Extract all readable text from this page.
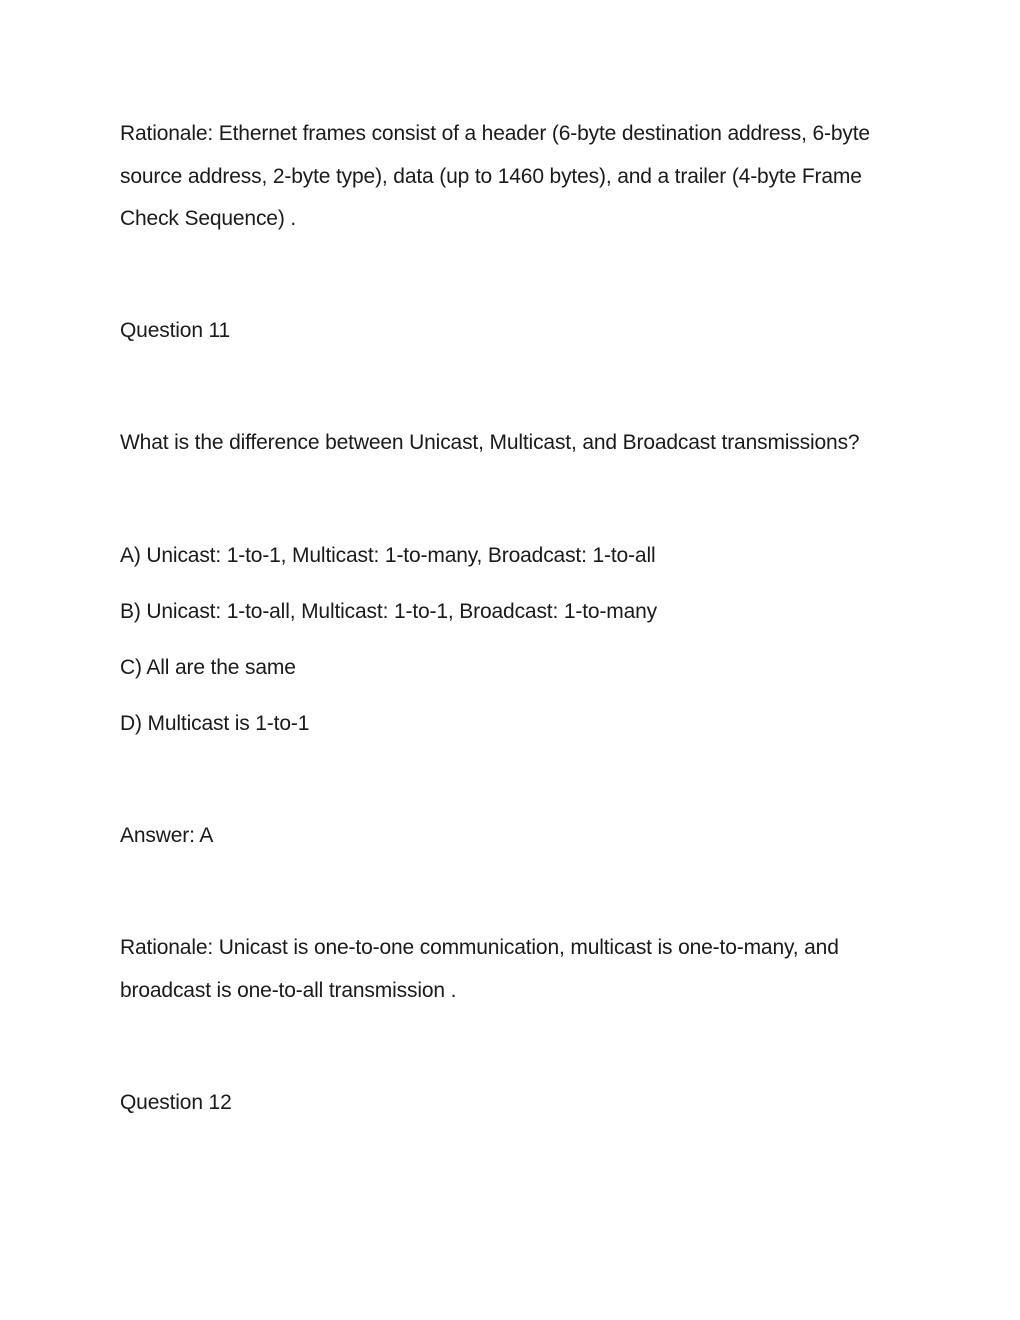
Rationale: Ethernet frames consist of a header (6-byte destination address, 6-byte
source address, 2-byte type), data (up to 1460 bytes), and a trailer (4-byte Frame
Check Sequence) .
Question 11
What is the difference between Unicast, Multicast, and Broadcast transmissions?
A) Unicast: 1-to-1, Multicast: 1-to-many, Broadcast: 1-to-all
B) Unicast: 1-to-all, Multicast: 1-to-1, Broadcast: 1-to-many
C) All are the same
D) Multicast is 1-to-1
Answer: A
Rationale: Unicast is one-to-one communication, multicast is one-to-many, and
broadcast is one-to-all transmission .
Question 12
